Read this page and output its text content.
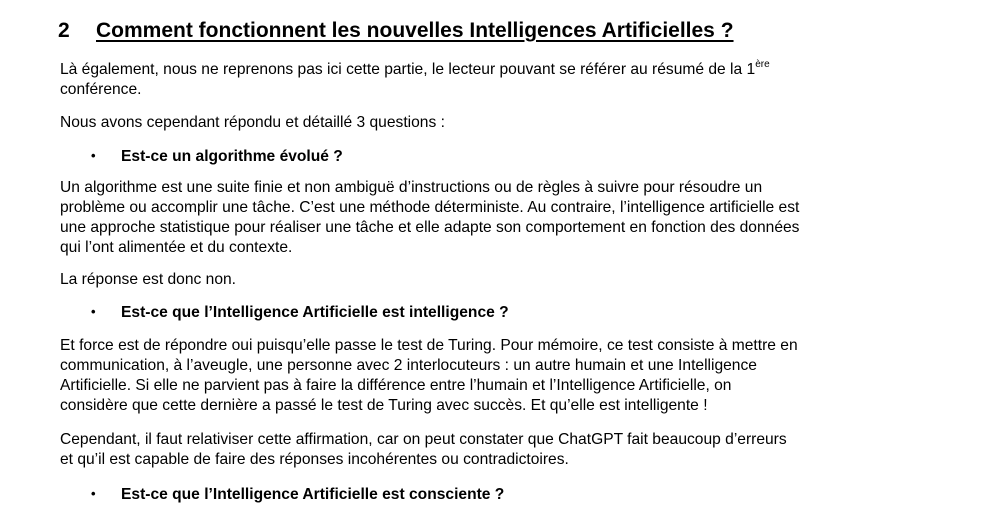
2 Comment fonctionnent les nouvelles Intelligences Artificielles ?
Là également, nous ne reprenons pas ici cette partie, le lecteur pouvant se référer au résumé de la 1ère
conférence.
Nous avons cependant répondu et détaillé 3 questions :
• Est-ce un algorithme évolué ?
Un algorithme est une suite finie et non ambiguë d’instructions ou de règles à suivre pour résoudre un
problème ou accomplir une tâche. C’est une méthode déterministe. Au contraire, l’intelligence artificielle est
une approche statistique pour réaliser une tâche et elle adapte son comportement en fonction des données
qui l’ont alimentée et du contexte.
La réponse est donc non.
• Est-ce que l’Intelligence Artificielle est intelligence ?
Et force est de répondre oui puisqu’elle passe le test de Turing. Pour mémoire, ce test consiste à mettre en
communication, à l’aveugle, une personne avec 2 interlocuteurs : un autre humain et une Intelligence
Artificielle. Si elle ne parvient pas à faire la différence entre l’humain et l’Intelligence Artificielle, on
considère que cette dernière a passé le test de Turing avec succès. Et qu’elle est intelligente !
Cependant, il faut relativiser cette affirmation, car on peut constater que ChatGPT fait beaucoup d’erreurs
et qu’il est capable de faire des réponses incohérentes ou contradictoires.
• Est-ce que l’Intelligence Artificielle est consciente ?
